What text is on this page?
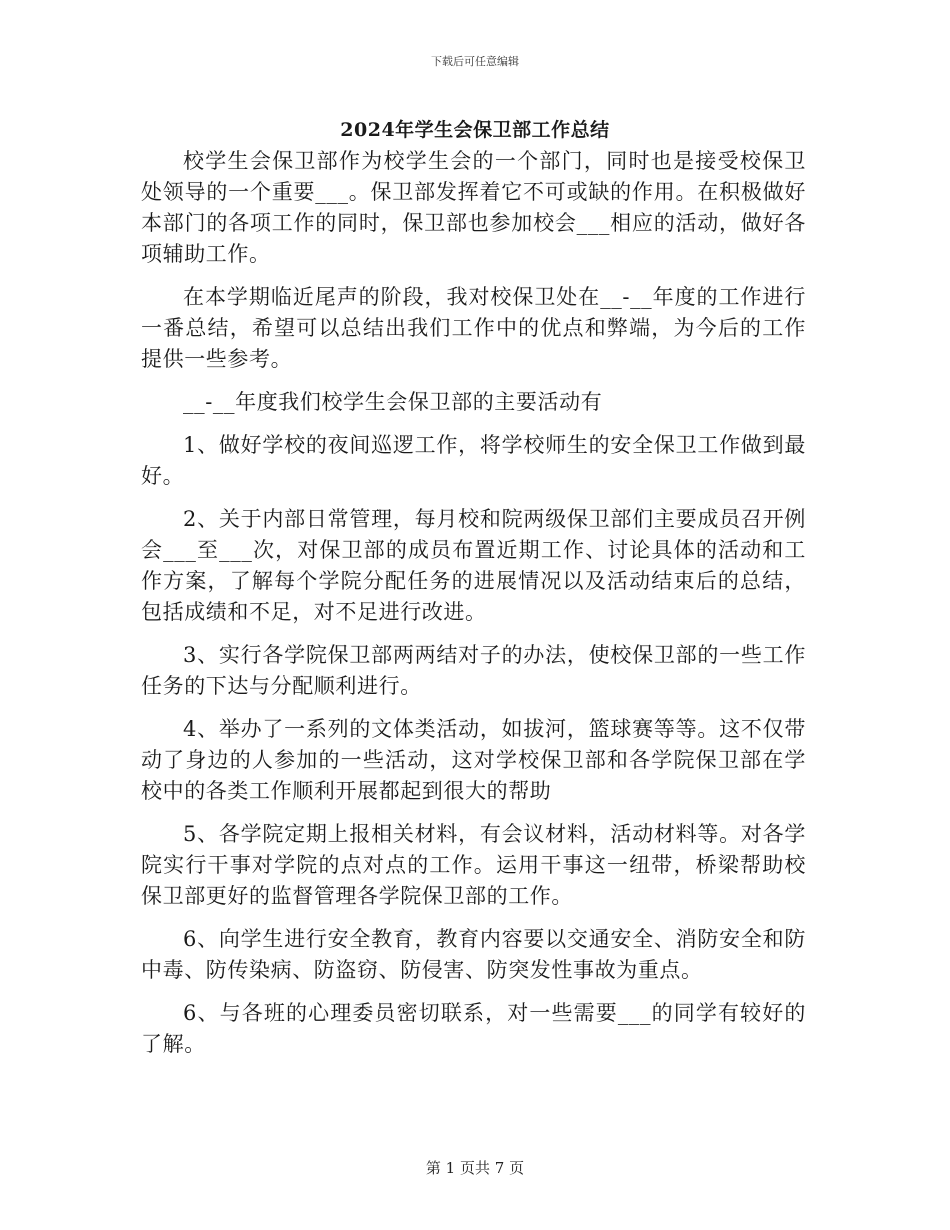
下载后可任意编辑
2024年学生会保卫部工作总结

校学生会保卫部作为校学生会的一个部门，同时也是接受校保卫处领导的一个重要___。保卫部发挥着它不可或缺的作用。在积极做好本部门的各项工作的同时，保卫部也参加校会___相应的活动，做好各项辅助工作。

在本学期临近尾声的阶段，我对校保卫处在__-__年度的工作进行一番总结，希望可以总结出我们工作中的优点和弊端，为今后的工作提供一些参考。

__-__年度我们校学生会保卫部的主要活动有

1、做好学校的夜间巡逻工作，将学校师生的安全保卫工作做到最好。

2、关于内部日常管理，每月校和院两级保卫部们主要成员召开例会___至___次，对保卫部的成员布置近期工作、讨论具体的活动和工作方案，了解每个学院分配任务的进展情况以及活动结束后的总结，包括成绩和不足，对不足进行改进。

3、实行各学院保卫部两两结对子的办法，使校保卫部的一些工作任务的下达与分配顺利进行。

4、举办了一系列的文体类活动，如拔河，篮球赛等等。这不仅带动了身边的人参加的一些活动，这对学校保卫部和各学院保卫部在学校中的各类工作顺利开展都起到很大的帮助

5、各学院定期上报相关材料，有会议材料，活动材料等。对各学院实行干事对学院的点对点的工作。运用干事这一纽带，桥梁帮助校保卫部更好的监督管理各学院保卫部的工作。

6、向学生进行安全教育，教育内容要以交通安全、消防安全和防中毒、防传染病、防盗窃、防侵害、防突发性事故为重点。

6、与各班的心理委员密切联系，对一些需要___的同学有较好的了解。

第 1 页共 7 页
